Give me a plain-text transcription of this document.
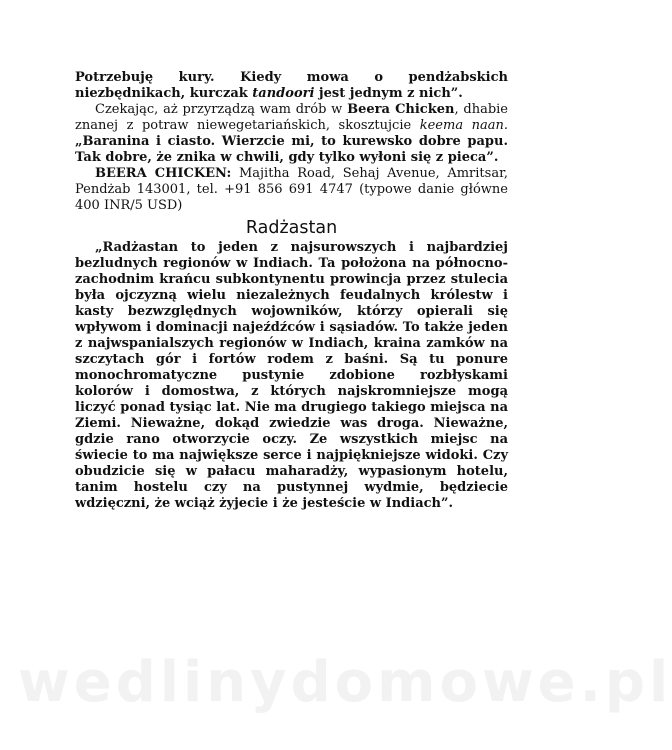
Potrzebuję kury. Kiedy mowa o pendżabskich niezbędnikach, kurczak tandoori jest jednym z nich”.

Czekając, aż przyrządzą wam drób w Beera Chicken, dhabie znanej z potraw niewegetariańskich, skosztujcie keema naan. „Baranina i ciasto. Wierzcie mi, to kurewsko dobre papu. Tak dobre, że znika w chwili, gdy tylko wyłoni się z pieca”.

BEERA CHICKEN: Majitha Road, Sehaj Avenue, Amritsar, Pendżab 143001, tel. +91 856 691 4747 (typowe danie główne 400 INR/5 USD)

Radżastan

„Radżastan to jeden z najsurowszych i najbardziej bezludnych regionów w Indiach. Ta położona na północno-zachodnim krańcu subkontynentu prowincja przez stulecia była ojczyzną wielu niezależnych feudalnych królestw i kasty bezwzględnych wojowników, którzy opierali się wpływom i dominacji najeźdźców i sąsiadów. To także jeden z najwspanialszych regionów w Indiach, kraina zamków na szczytach gór i fortów rodem z baśni. Są tu ponure monochromatyczne pustynie zdobione rozbłyskami kolorów i domostwa, z których najskromniejsze mogą liczyć ponad tysiąc lat. Nie ma drugiego takiego miejsca na Ziemi. Nieważne, dokąd zwiedzie was droga. Nieważne, gdzie rano otworzycie oczy. Ze wszystkich miejsc na świecie to ma największe serce i najpiękniejsze widoki. Czy obudzicie się w pałacu maharadży, wypasionym hotelu, tanim hostelu czy na pustynnej wydmie, będziecie wdzięczni, że wciąż żyjecie i że jesteście w Indiach”.

wedlinydomowe.pl
